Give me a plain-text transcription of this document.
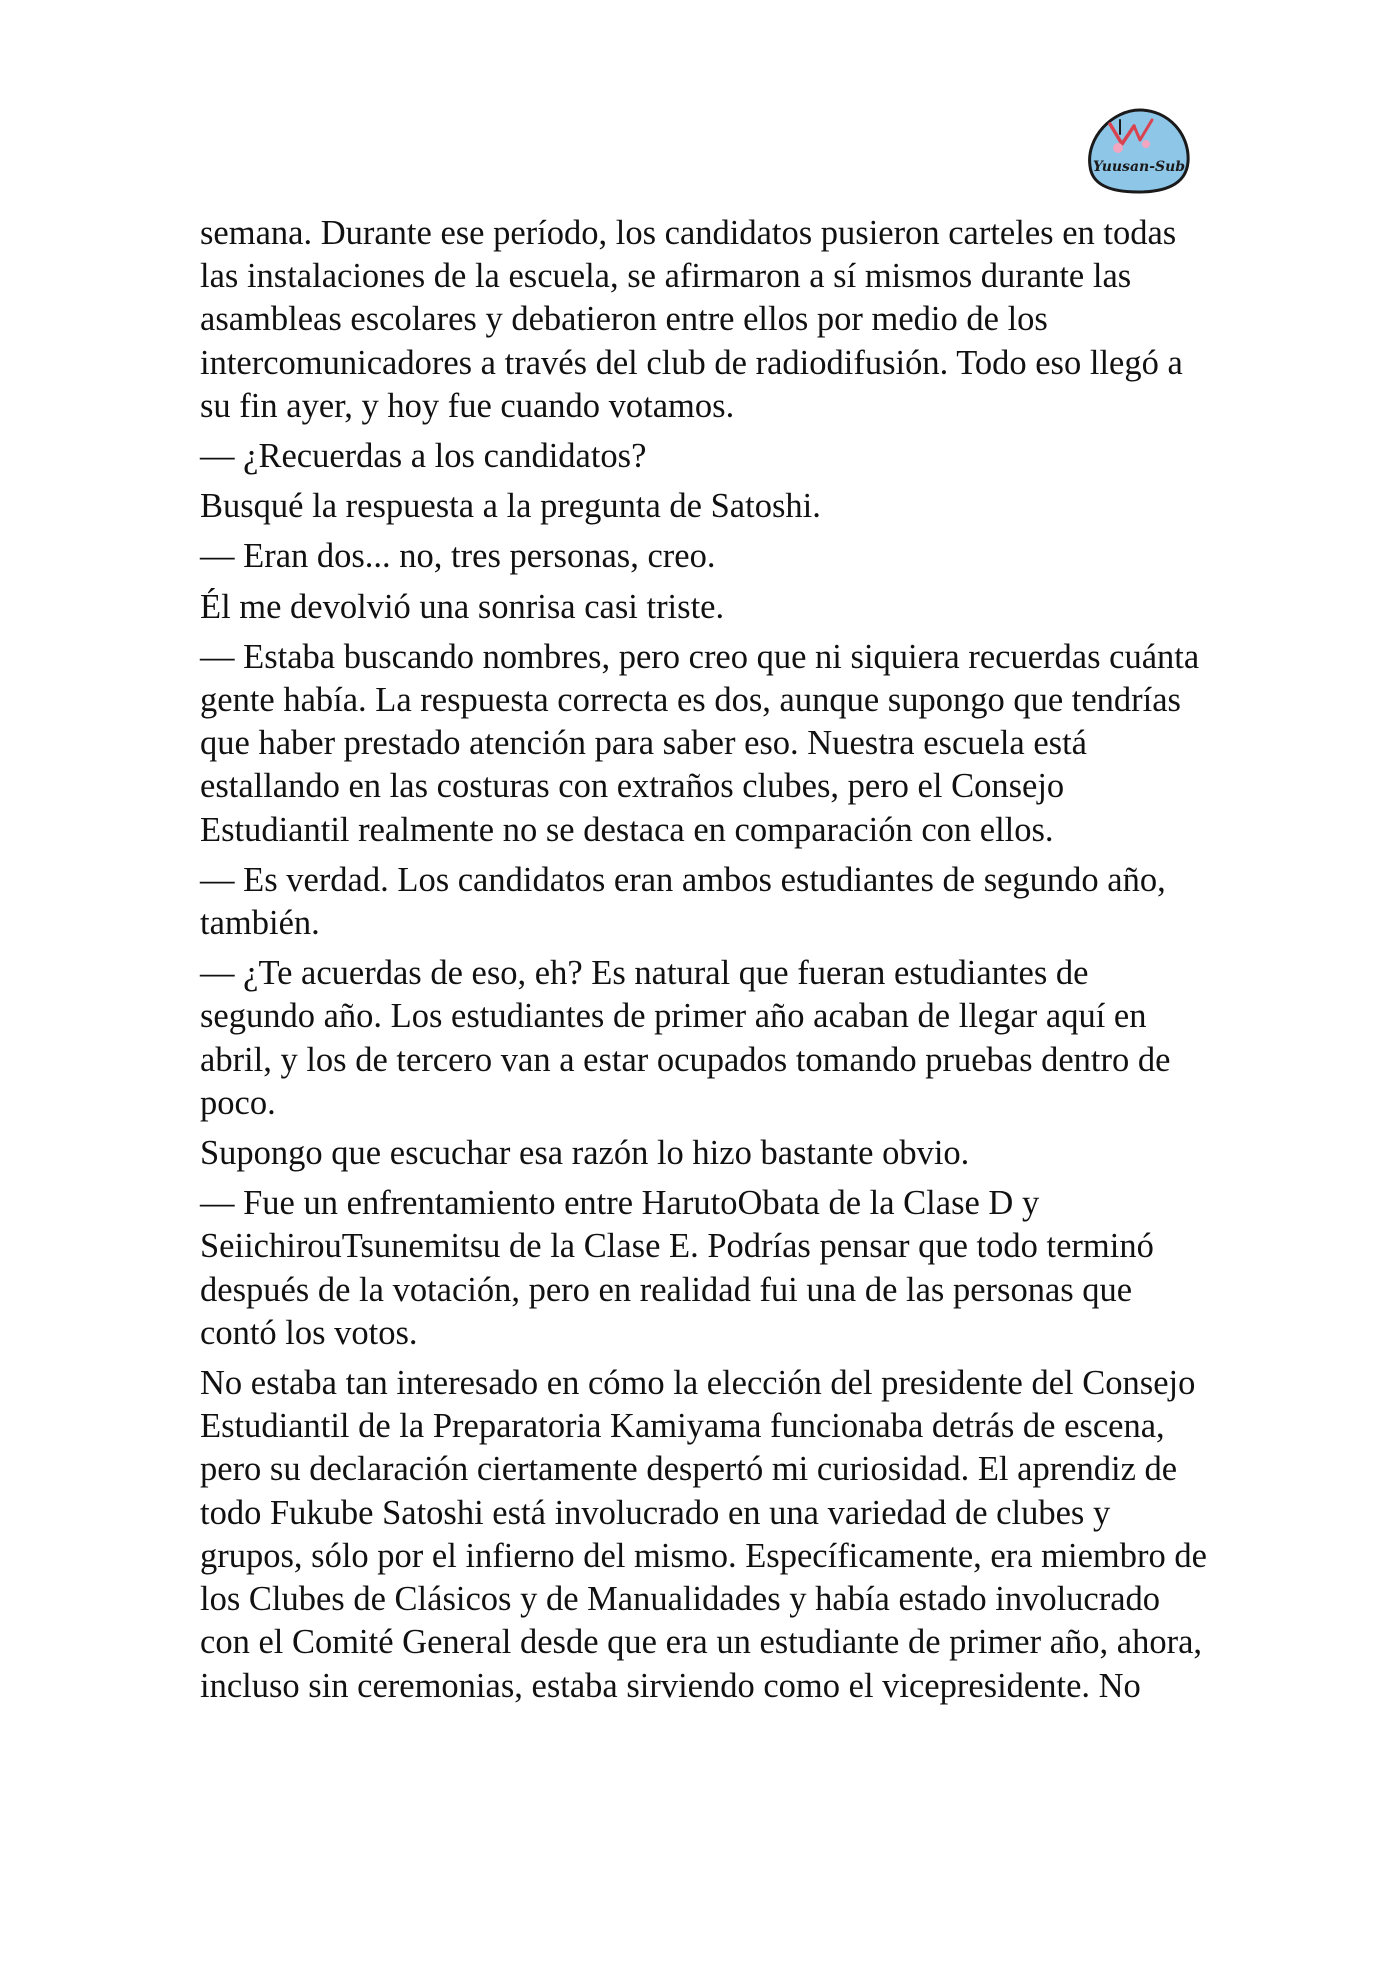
Yuusan-Sub

semana. Durante ese período, los candidatos pusieron carteles en todas las instalaciones de la escuela, se afirmaron a sí mismos durante las asambleas escolares y debatieron entre ellos por medio de los intercomunicadores a través del club de radiodifusión. Todo eso llegó a su fin ayer, y hoy fue cuando votamos.

— ¿Recuerdas a los candidatos?

Busqué la respuesta a la pregunta de Satoshi.

— Eran dos... no, tres personas, creo.

Él me devolvió una sonrisa casi triste.

— Estaba buscando nombres, pero creo que ni siquiera recuerdas cuánta gente había. La respuesta correcta es dos, aunque supongo que tendrías que haber prestado atención para saber eso. Nuestra escuela está estallando en las costuras con extraños clubes, pero el Consejo Estudiantil realmente no se destaca en comparación con ellos.

— Es verdad. Los candidatos eran ambos estudiantes de segundo año, también.

— ¿Te acuerdas de eso, eh? Es natural que fueran estudiantes de segundo año. Los estudiantes de primer año acaban de llegar aquí en abril, y los de tercero van a estar ocupados tomando pruebas dentro de poco.

Supongo que escuchar esa razón lo hizo bastante obvio.

— Fue un enfrentamiento entre HarutoObata de la Clase D y SeiichirouTsunemitsu de la Clase E. Podrías pensar que todo terminó después de la votación, pero en realidad fui una de las personas que contó los votos.

No estaba tan interesado en cómo la elección del presidente del Consejo Estudiantil de la Preparatoria Kamiyama funcionaba detrás de escena, pero su declaración ciertamente despertó mi curiosidad. El aprendiz de todo Fukube Satoshi está involucrado en una variedad de clubes y grupos, sólo por el infierno del mismo. Específicamente, era miembro de los Clubes de Clásicos y de Manualidades y había estado involucrado con el Comité General desde que era un estudiante de primer año, ahora, incluso sin ceremonias, estaba sirviendo como el vicepresidente. No
